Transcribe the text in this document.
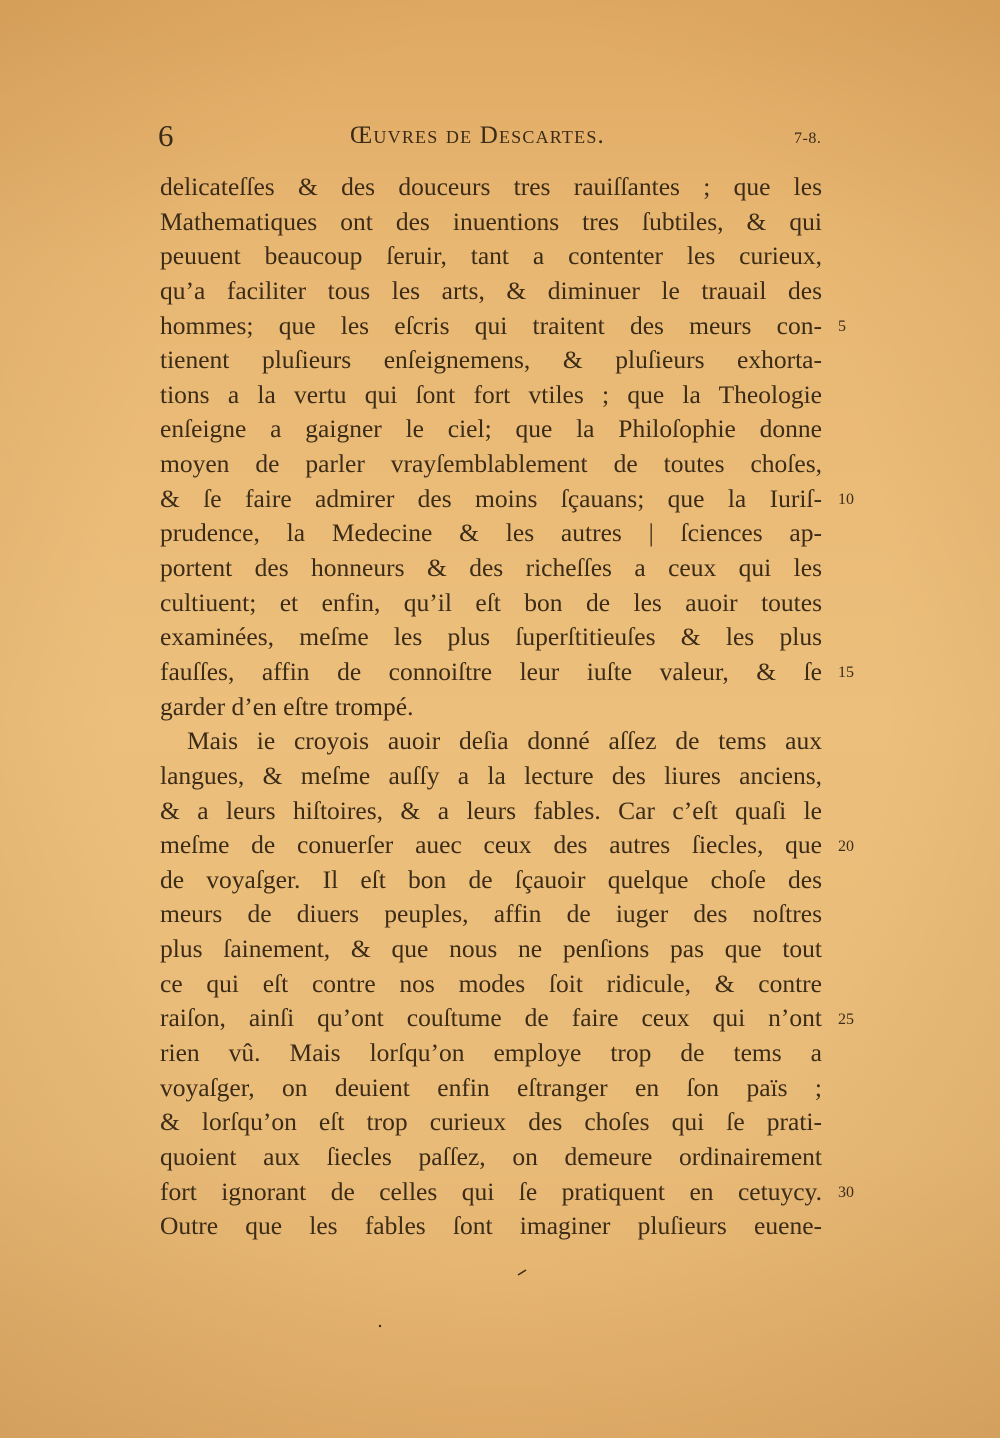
6	Œuvres de Descartes.	7-8.
delicateſſes & des douceurs tres rauiſſantes ; que les
Mathematiques ont des inuentions tres ſubtiles, & qui
peuuent beaucoup ſeruir, tant a contenter les curieux,
qu’a faciliter tous les arts, & diminuer le trauail des
hommes; que les eſcris qui traitent des meurs con-
tienent pluſieurs enſeignemens, & pluſieurs exhorta-
tions a la vertu qui ſont fort vtiles ; que la Theologie
enſeigne a gaigner le ciel; que la Philoſophie donne
moyen de parler vrayſemblablement de toutes choſes,
& ſe faire admirer des moins ſçauans; que la Iuriſ-
prudence, la Medecine & les autres | ſciences ap-
portent des honneurs & des richeſſes a ceux qui les
cultiuent; et enfin, qu’il eſt bon de les auoir toutes
examinées, meſme les plus ſuperſtitieuſes & les plus
fauſſes, affin de connoiſtre leur iuſte valeur, & ſe
garder d’en eſtre trompé.
Mais ie croyois auoir deſia donné aſſez de tems aux
langues, & meſme auſſy a la lecture des liures anciens,
& a leurs hiſtoires, & a leurs fables. Car c’eſt quaſi le
meſme de conuerſer auec ceux des autres ſiecles, que
de voyaſger. Il eſt bon de ſçauoir quelque choſe des
meurs de diuers peuples, affin de iuger des noſtres
plus ſainement, & que nous ne penſions pas que tout
ce qui eſt contre nos modes ſoit ridicule, & contre
raiſon, ainſi qu’ont couſtume de faire ceux qui n’ont
rien vû. Mais lorſqu’on employe trop de tems a
voyaſger, on deuient enfin eſtranger en ſon païs ;
& lorſqu’on eſt trop curieux des choſes qui ſe prati-
quoient aux ſiecles paſſez, on demeure ordinairement
fort ignorant de celles qui ſe pratiquent en cetuycy.
Outre que les fables ſont imaginer pluſieurs euene-
5
10
15
20
25
30
